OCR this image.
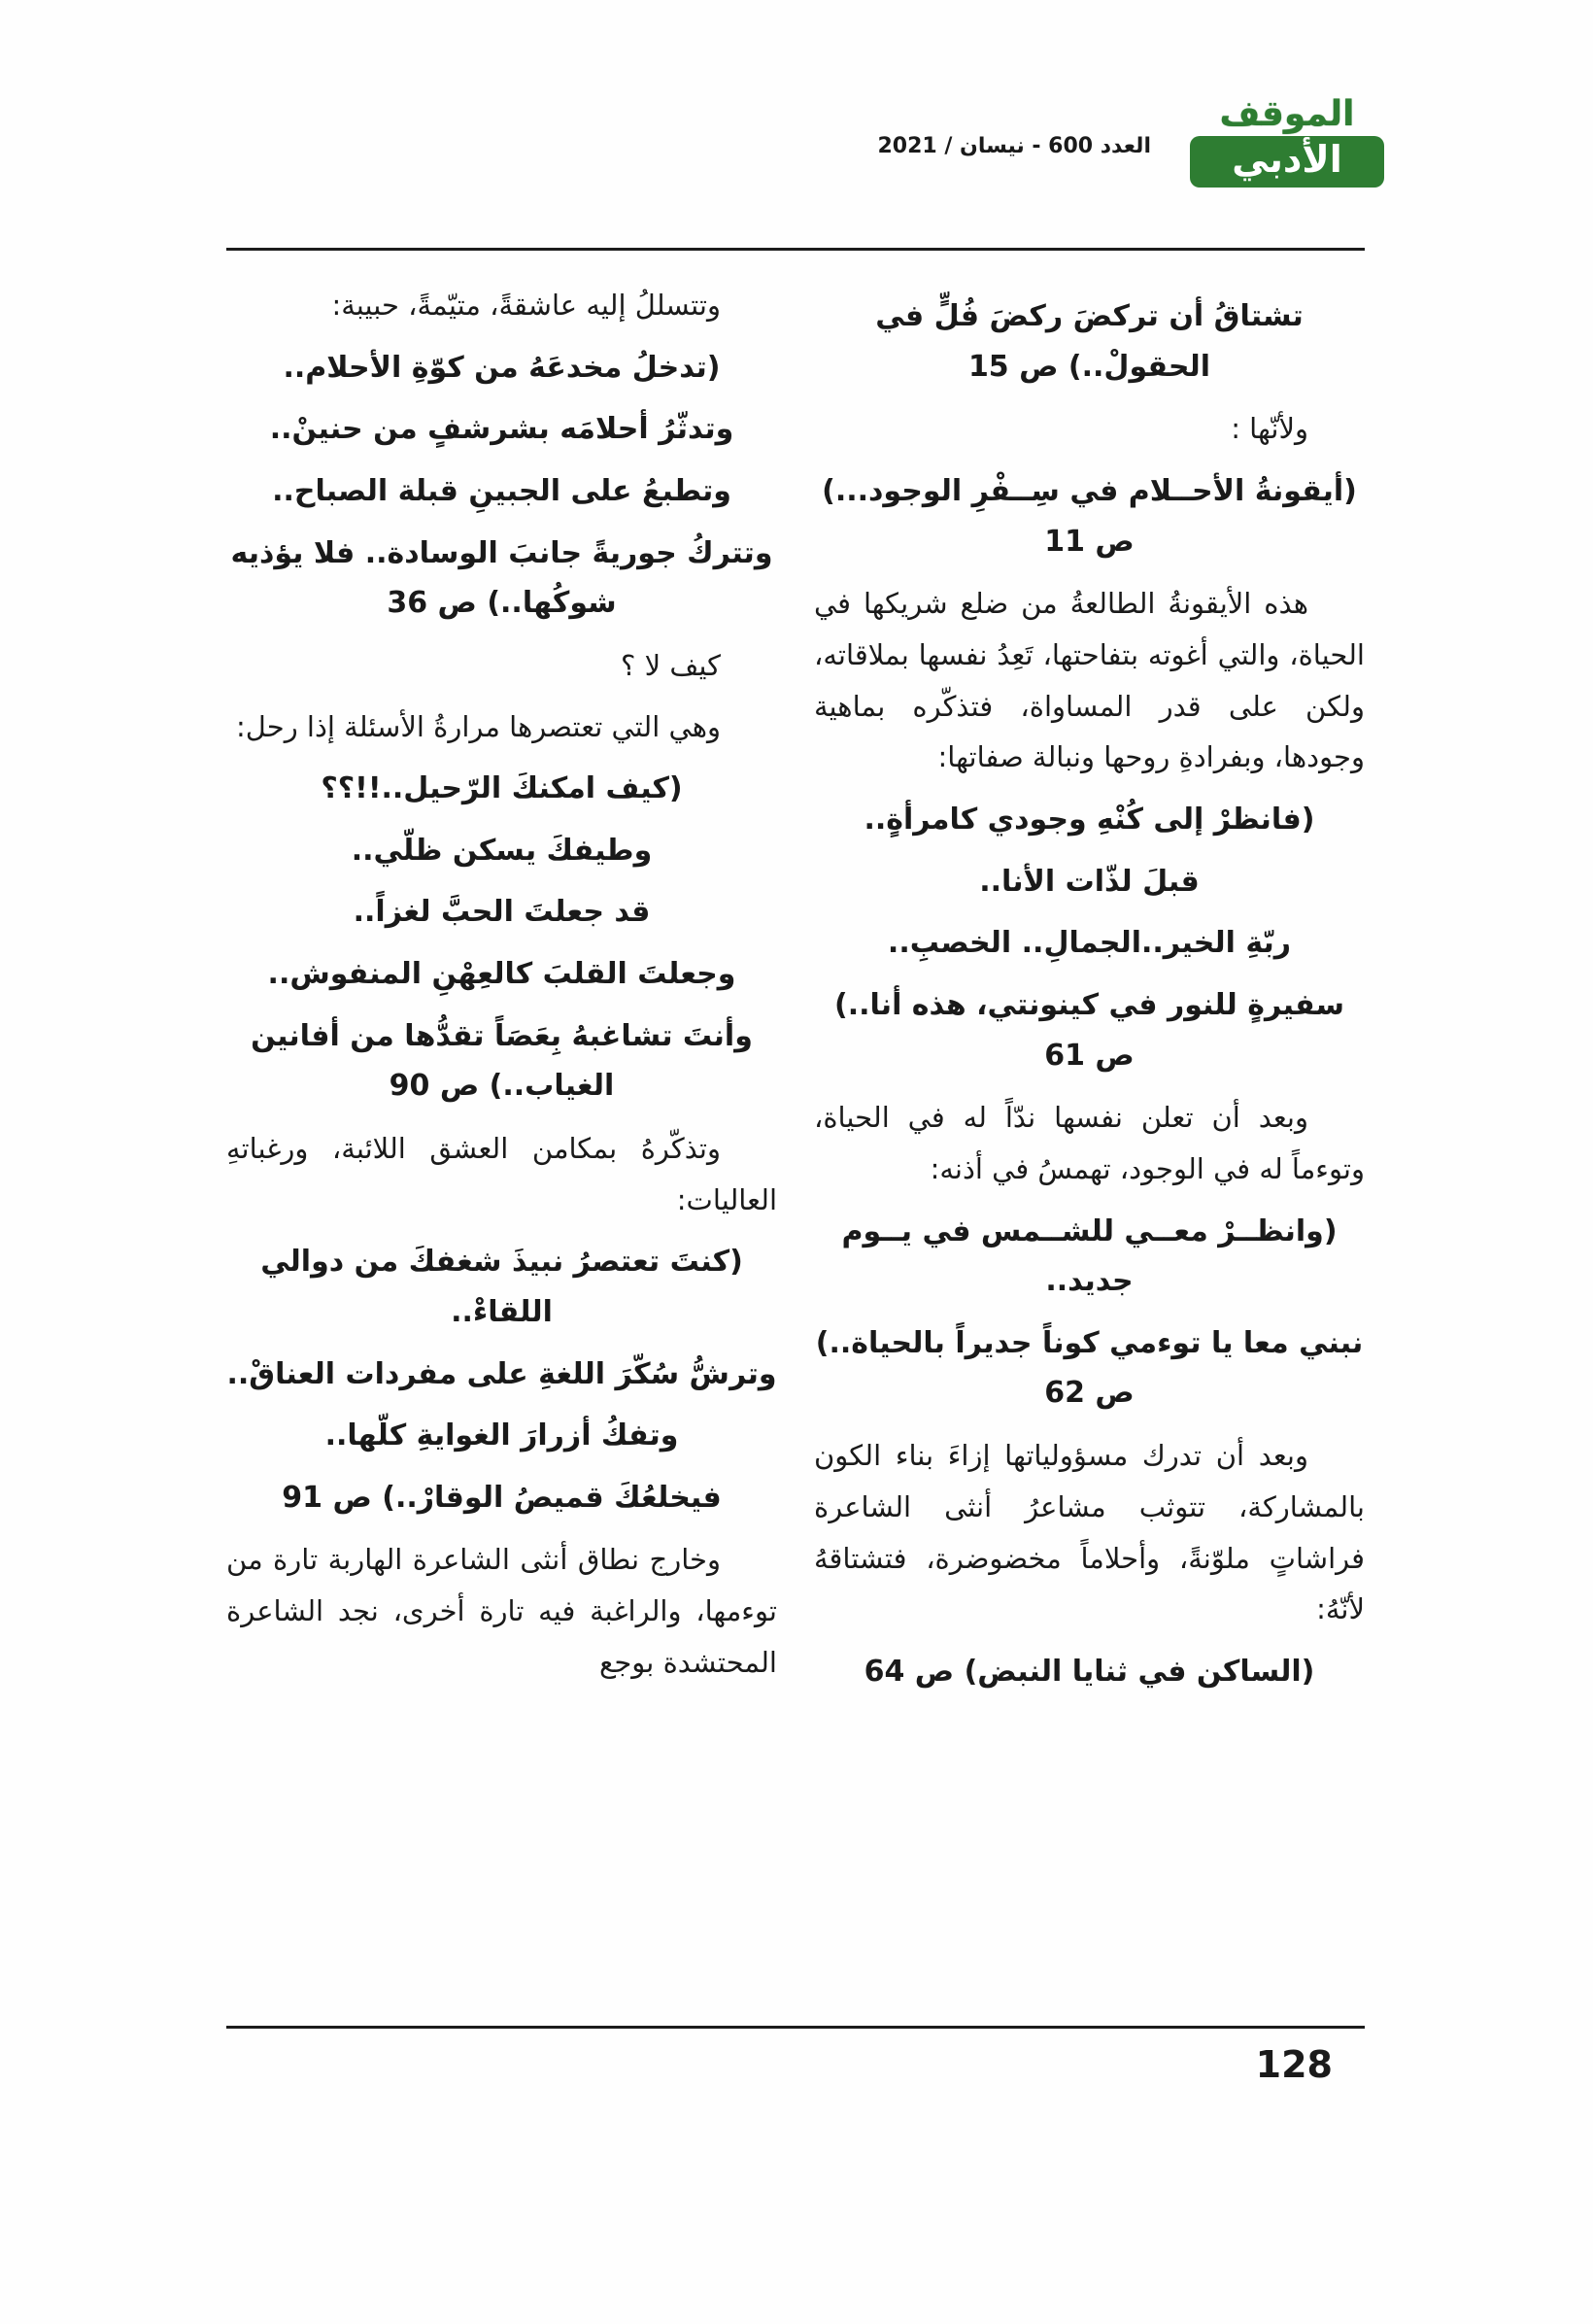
العدد 600 - نيسان / 2021
الموقف
الأدبي

تشتاقُ أن تركضَ ركضَ فُلٍّ في الحقولْ..) ص 15

ولأنّها :

(أيقونةُ الأحــلام في سِــفْرِ الوجود...) ص 11

هذه الأيقونةُ الطالعةُ من ضلع شريكها في الحياة، والتي أغوته بتفاحتها، تَعِدُ نفسها بملاقاته، ولكن على قدر المساواة، فتذكّره بماهية وجودها، وبفرادةِ روحها ونبالة صفاتها:

(فانظرْ إلى كُنْهِ وجودي كامرأةٍ..

قبلَ لذّات الأنا..

ربّةِ الخير..الجمالِ.. الخصبِ..

سفيرةٍ للنور في كينونتي، هذه أنا..) ص 61

وبعد أن تعلن نفسها ندّاً له في الحياة، وتوءماً له في الوجود، تهمسُ في أذنه:

(وانظــرْ معــي للشــمس في يــوم جديد..

نبني معا يا توءمي كوناً جديراً بالحياة..) ص 62

وبعد أن تدرك مسؤولياتها إزاءَ بناء الكون بالمشاركة، تتوثب مشاعرُ أنثى الشاعرة فراشاتٍ ملوّنةً، وأحلاماً مخضوضرة، فتشتاقهُ لأنّهُ:

(الساكن في ثنايا النبض) ص 64

وتتسللُ إليه عاشقةً، متيّمةً، حبيبة:

(تدخلُ مخدعَهُ من كوّةِ الأحلام..

وتدثّرُ أحلامَه بشرشفٍ من حنينْ..

وتطبعُ على الجبينِ قبلة الصباح..

وتتركُ جوريةً جانبَ الوسادة.. فلا يؤذيه شوكُها..) ص 36

كيف لا ؟

وهي التي تعتصرها مرارةُ الأسئلة إذا رحل:

(كيف امكنكَ الرّحيل..!!؟؟

وطيفكَ يسكن ظلّي..

قد جعلتَ الحبَّ لغزاً..

وجعلتَ القلبَ كالعِهْنِ المنفوش..

وأنتَ تشاغبهُ بِعَصَاً تقدُّها من أفانين الغياب..) ص 90

وتذكّرهُ بمكامن العشق اللائبة، ورغباتهِ العاليات:

(كنتَ تعتصرُ نبيذَ شغفكَ من دوالي اللقاءْ..

وترشُّ سُكّرَ اللغةِ على مفردات العناقْ..

وتفكُ أزرارَ الغوايةِ كلّها..

فيخلعُكَ قميصُ الوقارْ..) ص 91

وخارج نطاق أنثى الشاعرة الهاربة تارة من توءمها، والراغبة فيه تارة أخرى، نجد الشاعرة المحتشدة بوجع

128
